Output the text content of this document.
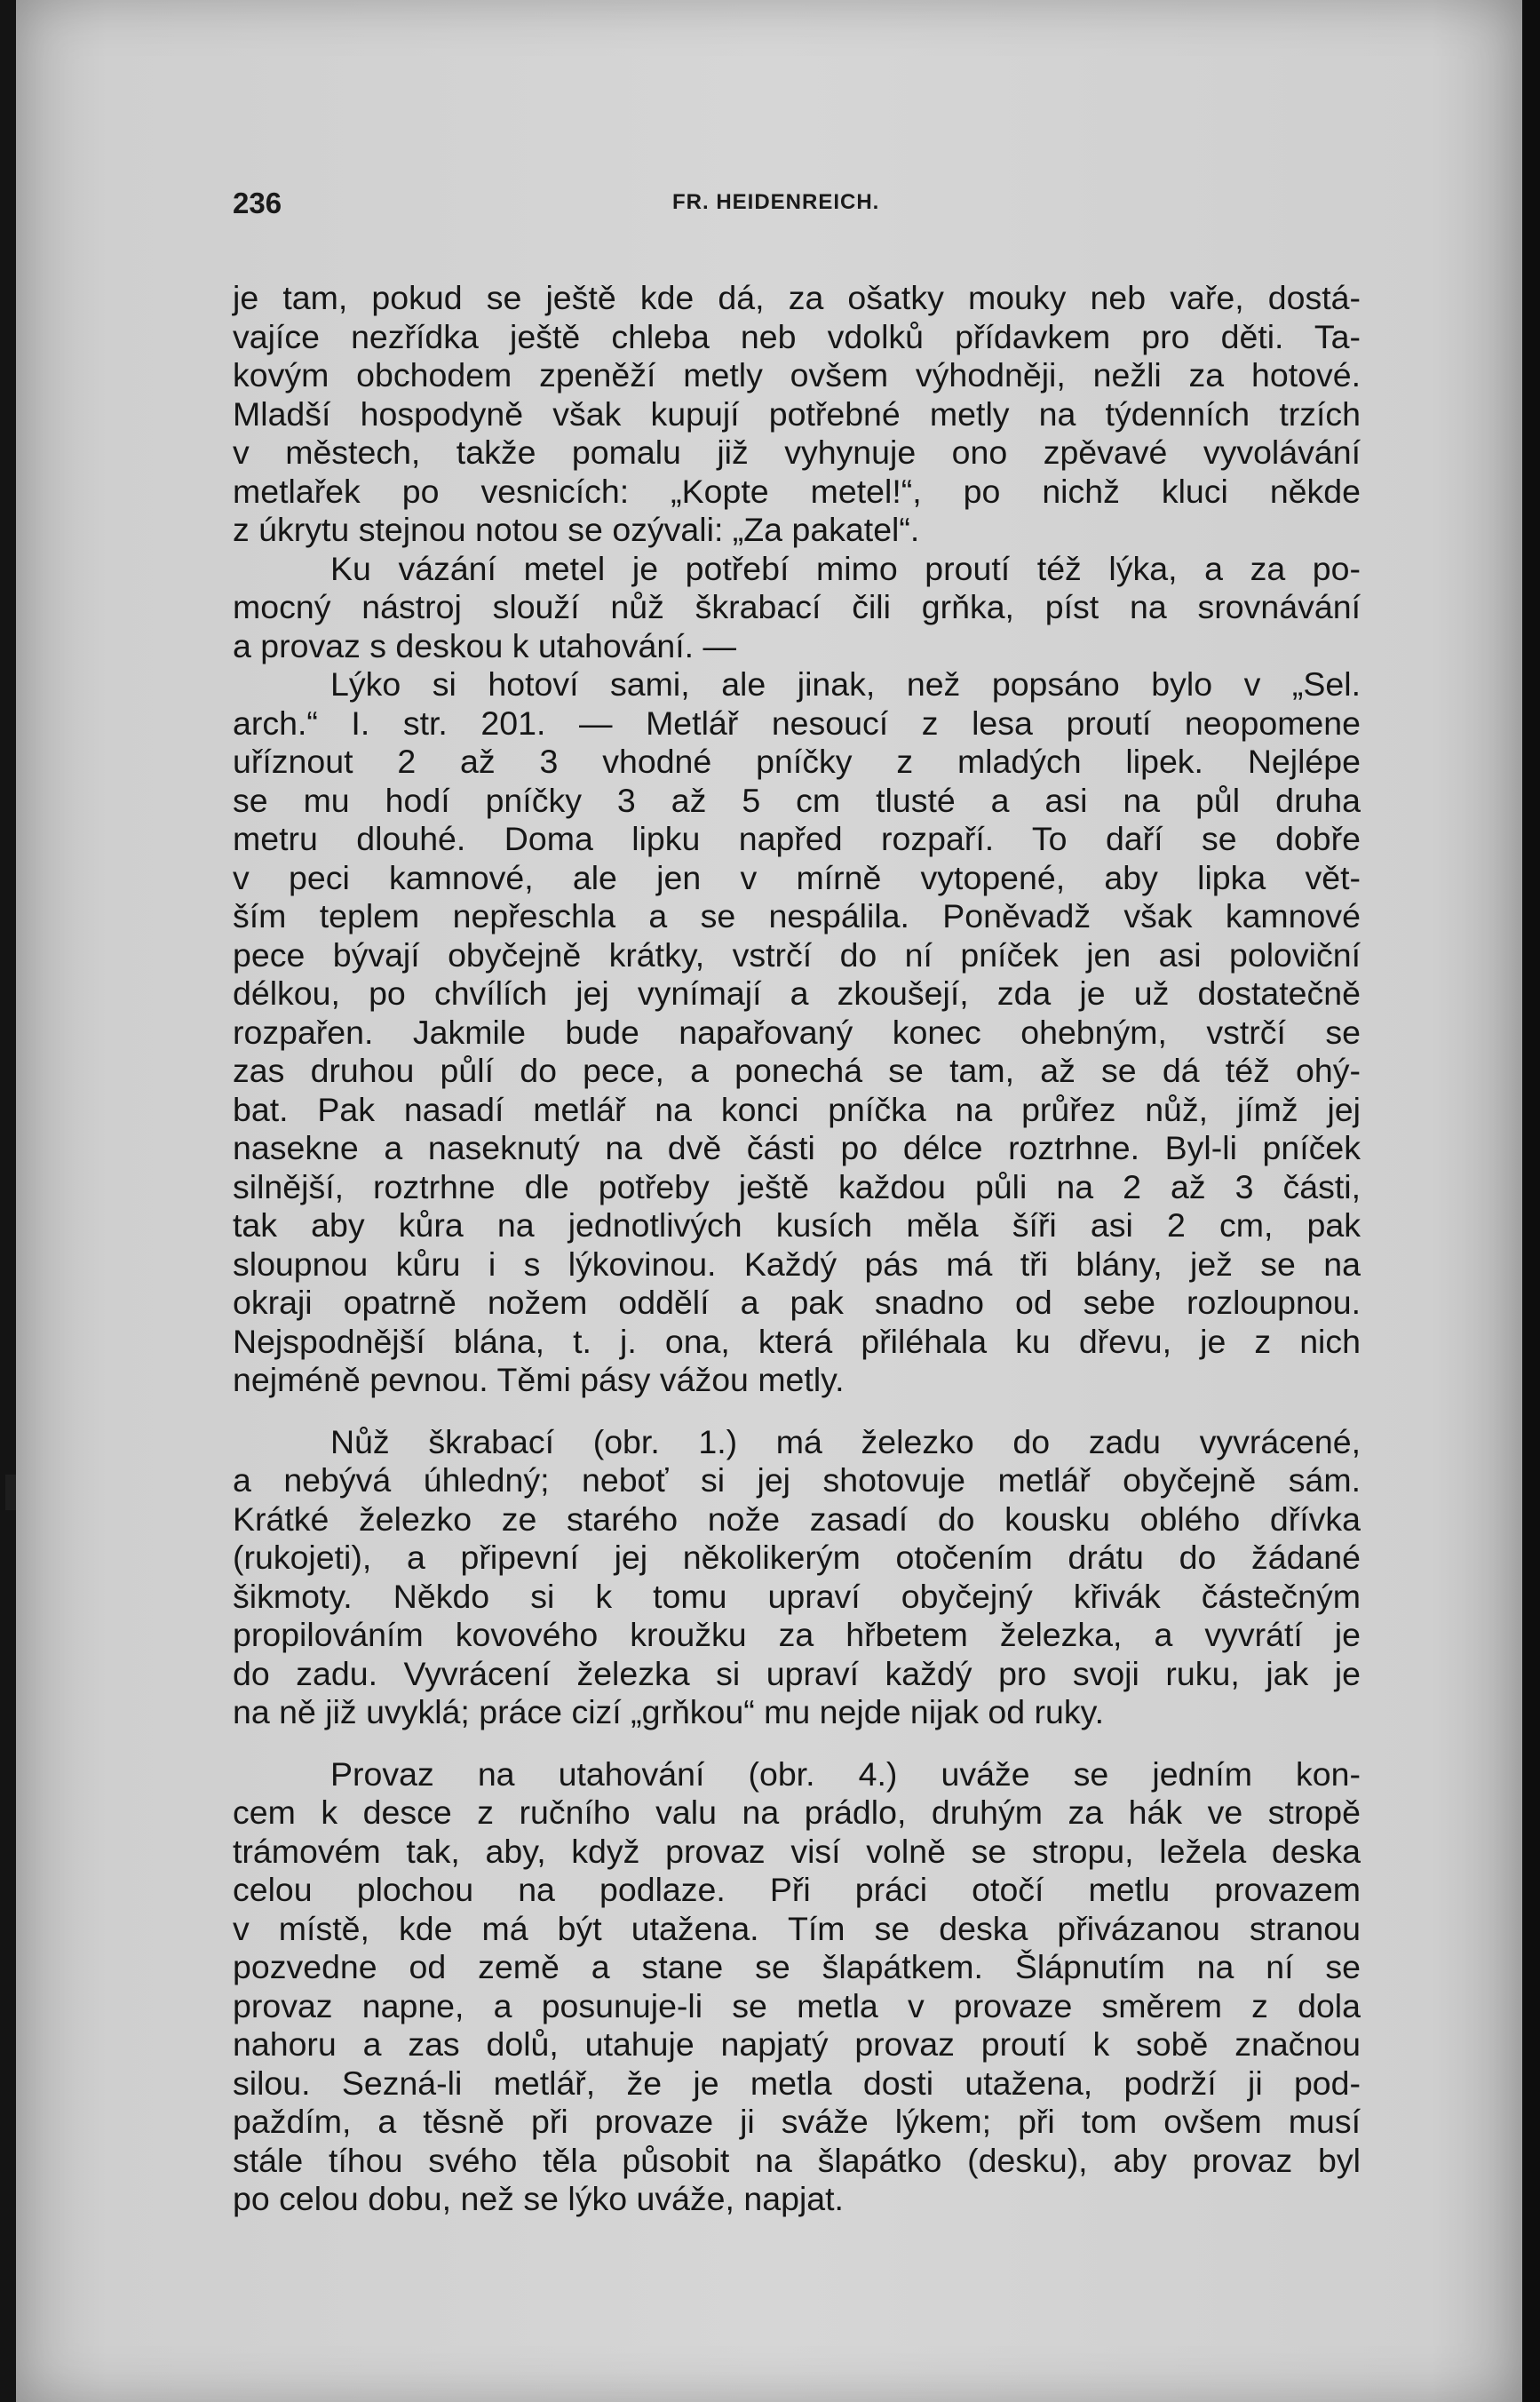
236	FR. HEIDENREICH.
je tam, pokud se ještě kde dá, za ošatky mouky neb vaře, dostá-
vajíce nezřídka ještě chleba neb vdolků přídavkem pro děti. Ta-
kovým obchodem zpeněží metly ovšem výhodněji, nežli za hotové.
Mladší hospodyně však kupují potřebné metly na týdenních trzích
v městech, takže pomalu již vyhynuje ono zpěvavé vyvolávání
metlařek po vesnicích: „Kopte metel!“, po nichž kluci někde
z úkrytu stejnou notou se ozývali: „Za pakatel“.
Ku vázání metel je potřebí mimo proutí též lýka, a za po-
mocný nástroj slouží nůž škrabací čili grňka, píst na srovnávání
a provaz s deskou k utahování. —
Lýko si hotoví sami, ale jinak, než popsáno bylo v „Sel.
arch.“ I. str. 201. — Metlář nesoucí z lesa proutí neopomene
uříznout 2 až 3 vhodné pníčky z mladých lipek. Nejlépe
se mu hodí pníčky 3 až 5 cm tlusté a asi na půl druha
metru dlouhé. Doma lipku napřed rozpaří. To daří se dobře
v peci kamnové, ale jen v mírně vytopené, aby lipka vět-
ším teplem nepřeschla a se nespálila. Poněvadž však kamnové
pece bývají obyčejně krátky, vstrčí do ní pníček jen asi poloviční
délkou, po chvílích jej vynímají a zkoušejí, zda je už dostatečně
rozpařen. Jakmile bude napařovaný konec ohebným, vstrčí se
zas druhou půlí do pece, a ponechá se tam, až se dá též ohý-
bat. Pak nasadí metlář na konci pníčka na průřez nůž, jímž jej
nasekne a naseknutý na dvě části po délce roztrhne. Byl-li pníček
silnější, roztrhne dle potřeby ještě každou půli na 2 až 3 části,
tak aby kůra na jednotlivých kusích měla šíři asi 2 cm, pak
sloupnou kůru i s lýkovinou. Každý pás má tři blány, jež se na
okraji opatrně nožem oddělí a pak snadno od sebe rozloupnou.
Nejspodnější blána, t. j. ona, která přiléhala ku dřevu, je z nich
nejméně pevnou. Těmi pásy vážou metly.
Nůž škrabací (obr. 1.) má železko do zadu vyvrácené,
a nebývá úhledný; neboť si jej shotovuje metlář obyčejně sám.
Krátké železko ze starého nože zasadí do kousku oblého dřívka
(rukojeti), a připevní jej několikerým otočením drátu do žádané
šikmoty. Někdo si k tomu upraví obyčejný křivák částečným
propilováním kovového kroužku za hřbetem železka, a vyvrátí je
do zadu. Vyvrácení železka si upraví každý pro svoji ruku, jak je
na ně již uvyklá; práce cizí „grňkou“ mu nejde nijak od ruky.
Provaz na utahování (obr. 4.) uváže se jedním kon-
cem k desce z ručního valu na prádlo, druhým za hák ve stropě
trámovém tak, aby, když provaz visí volně se stropu, ležela deska
celou plochou na podlaze. Při práci otočí metlu provazem
v místě, kde má být utažena. Tím se deska přivázanou stranou
pozvedne od země a stane se šlapátkem. Šlápnutím na ní se
provaz napne, a posunuje-li se metla v provaze směrem z dola
nahoru a zas dolů, utahuje napjatý provaz proutí k sobě značnou
silou. Sezná-li metlář, že je metla dosti utažena, podrží ji pod-
paždím, a těsně při provaze ji sváže lýkem; při tom ovšem musí
stále tíhou svého těla působit na šlapátko (desku), aby provaz byl
po celou dobu, než se lýko uváže, napjat.
